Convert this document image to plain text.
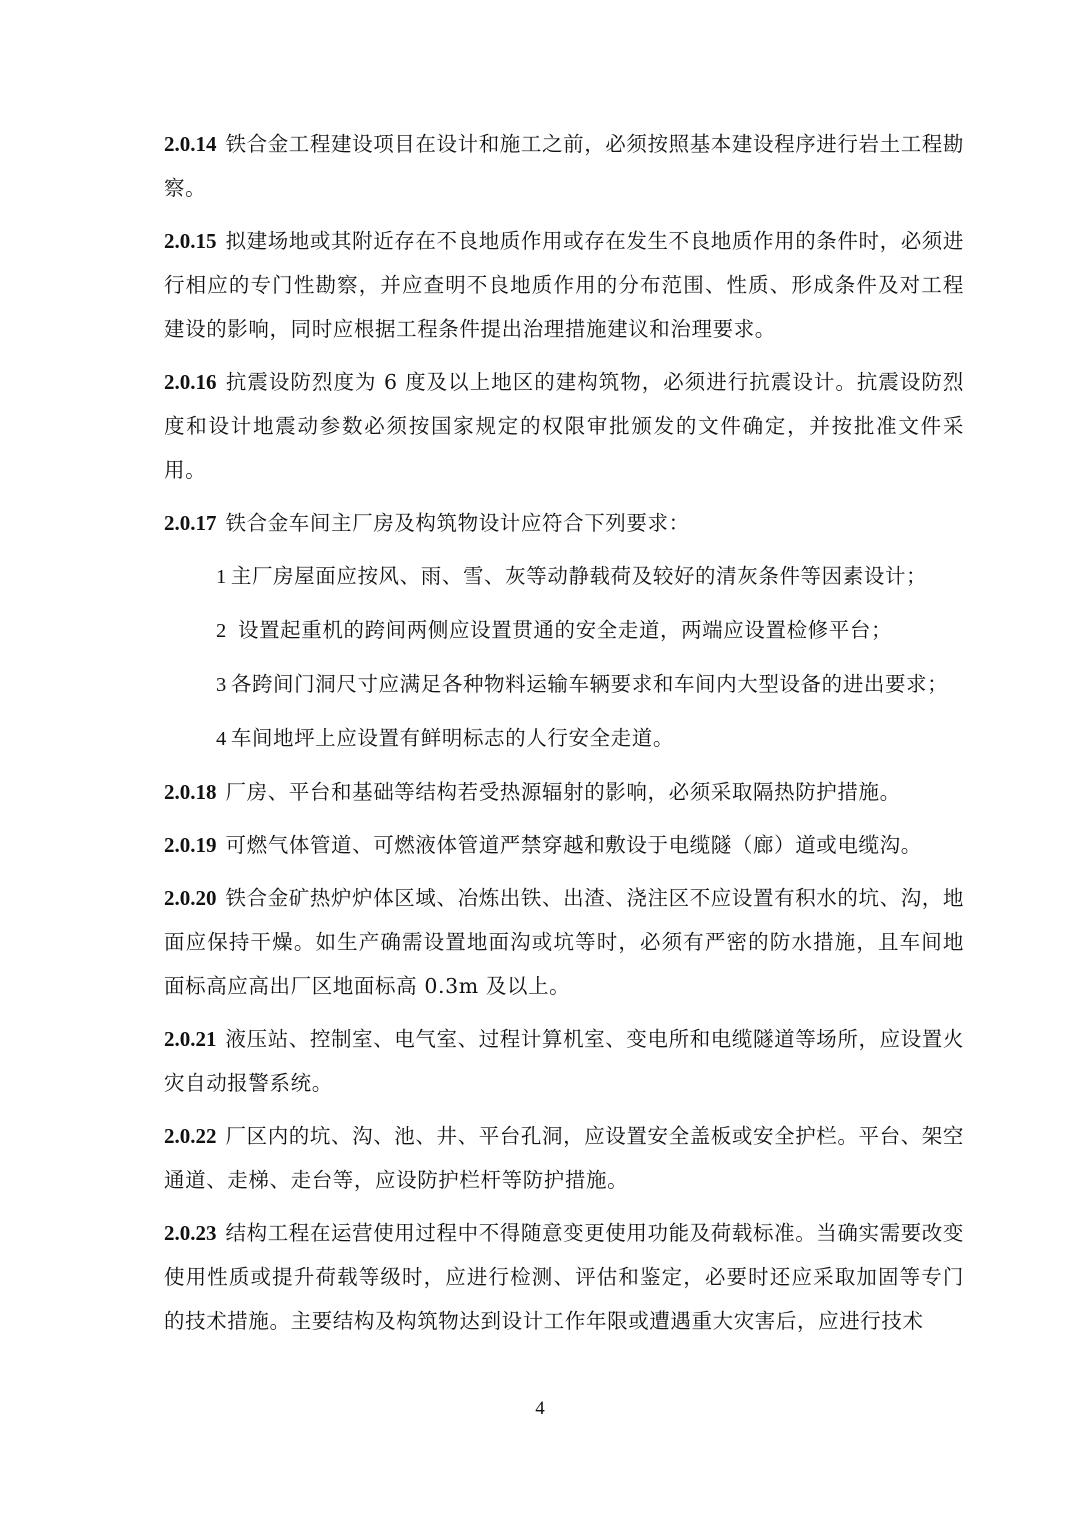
2.0.14 铁合金工程建设项目在设计和施工之前，必须按照基本建设程序进行岩土工程勘察。

2.0.15 拟建场地或其附近存在不良地质作用或存在发生不良地质作用的条件时，必须进行相应的专门性勘察，并应查明不良地质作用的分布范围、性质、形成条件及对工程建设的影响，同时应根据工程条件提出治理措施建议和治理要求。

2.0.16 抗震设防烈度为 6 度及以上地区的建构筑物，必须进行抗震设计。抗震设防烈度和设计地震动参数必须按国家规定的权限审批颁发的文件确定，并按批准文件采用。

2.0.17 铁合金车间主厂房及构筑物设计应符合下列要求：

1 主厂房屋面应按风、雨、雪、灰等动静载荷及较好的清灰条件等因素设计；

2 设置起重机的跨间两侧应设置贯通的安全走道，两端应设置检修平台；

3 各跨间门洞尺寸应满足各种物料运输车辆要求和车间内大型设备的进出要求；

4 车间地坪上应设置有鲜明标志的人行安全走道。

2.0.18 厂房、平台和基础等结构若受热源辐射的影响，必须采取隔热防护措施。

2.0.19 可燃气体管道、可燃液体管道严禁穿越和敷设于电缆隧（廊）道或电缆沟。

2.0.20 铁合金矿热炉炉体区域、冶炼出铁、出渣、浇注区不应设置有积水的坑、沟，地面应保持干燥。如生产确需设置地面沟或坑等时，必须有严密的防水措施，且车间地面标高应高出厂区地面标高 0.3m 及以上。

2.0.21 液压站、控制室、电气室、过程计算机室、变电所和电缆隧道等场所，应设置火灾自动报警系统。

2.0.22 厂区内的坑、沟、池、井、平台孔洞，应设置安全盖板或安全护栏。平台、架空通道、走梯、走台等，应设防护栏杆等防护措施。

2.0.23 结构工程在运营使用过程中不得随意变更使用功能及荷载标准。当确实需要改变使用性质或提升荷载等级时，应进行检测、评估和鉴定，必要时还应采取加固等专门的技术措施。主要结构及构筑物达到设计工作年限或遭遇重大灾害后，应进行技术

4
